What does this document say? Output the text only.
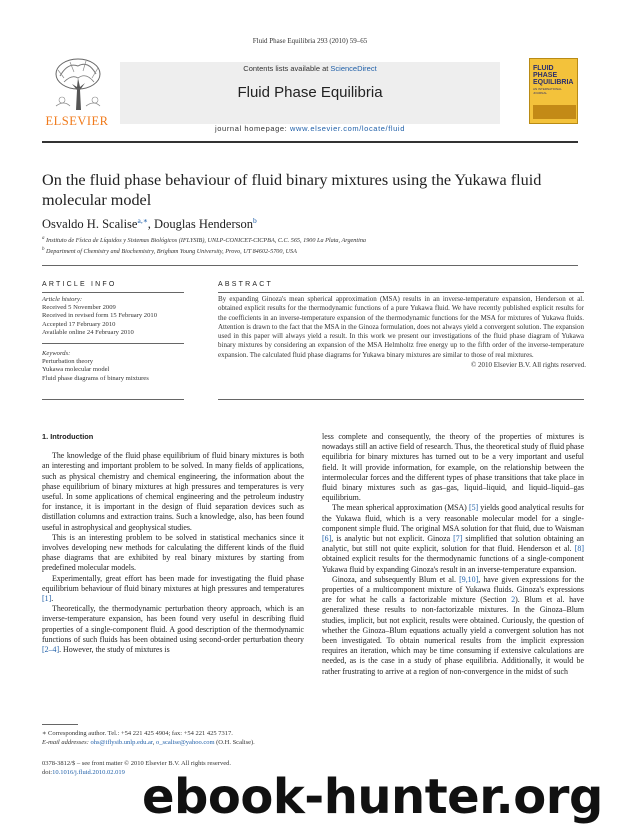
Fluid Phase Equilibria 293 (2010) 59–65
ELSEVIER
Contents lists available at ScienceDirect
Fluid Phase Equilibria
journal homepage: www.elsevier.com/locate/fluid
FLUID PHASE EQUILIBRIA
AN INTERNATIONAL JOURNAL
On the fluid phase behaviour of fluid binary mixtures using the Yukawa fluid molecular model
Osvaldo H. Scalise$^{a,∗}$, Douglas Henderson$^b$
$^a$ Instituto de Física de Líquidos y Sistemas Biológicos (IFLYSIB), UNLP-CONICET-CICPBA, C.C. 565, 1900 La Plata, Argentina
$^b$ Department of Chemistry and Biochemistry, Brigham Young University, Provo, UT 84602-5700, USA
ARTICLE INFO
Article history:
Received 5 November 2009
Received in revised form 15 February 2010
Accepted 17 February 2010
Available online 24 February 2010
Keywords:
Perturbation theory
Yukawa molecular model
Fluid phase diagrams of binary mixtures
ABSTRACT
By expanding Ginoza's mean spherical approximation (MSA) results in an inverse-temperature expansion, Henderson et al. obtained explicit results for the thermodynamic functions of a pure Yukawa fluid. We have recently published explicit results for the coefficients in an inverse-temperature expansion of the thermodynamic functions for the MSA for mixtures of Yukawa fluids. Attention is drawn to the fact that the MSA in the Ginoza formulation, does not always yield a convergent solution. The expansion used in this paper will always yield a result. In this work we present our investigations of the fluid phase diagram of Yukawa binary mixtures by considering an expansion of the MSA Helmholtz free energy up to the fifth order of the inverse-temperature expansion. The calculated fluid phase diagrams for Yukawa binary mixtures are similar to those of real mixtures.
© 2010 Elsevier B.V. All rights reserved.
1. Introduction

The knowledge of the fluid phase equilibrium of fluid binary mixtures is both an interesting and important problem to be solved. In many fields of applications, such as physical chemistry and chemical engineering, the information about the phase equilibrium of binary mixtures at high pressures and temperatures is very useful. In some applications of chemical engineering and the petroleum industry for instance, it is important in the design of fluid separation devices such as distillation columns and extraction trains. Such a knowledge, also, has been found useful in astrophysical and geophysical studies.

This is an interesting problem to be solved in statistical mechanics since it involves developing new methods for calculating the different kinds of the fluid phase diagrams that are exhibited by real binary mixtures by starting from predefined molecular models.

Experimentally, great effort has been made for investigating the fluid phase equilibrium behaviour of fluid binary mixtures at high pressures and temperatures [1].

Theoretically, the thermodynamic perturbation theory approach, which is an inverse-temperature expansion, has been found very useful in describing fluid properties of a single-component fluid. A good description of the thermodynamic functions of such fluids has been obtained using second-order perturbation theory [2–4]. However, the study of mixtures is

less complete and consequently, the theory of the properties of mixtures is nowadays still an active field of research. Thus, the theoretical study of fluid phase equilibria for binary mixtures has turned out to be a very important and useful field. It will provide information, for example, on the relationship between the intermolecular forces and the different types of phase transitions that take place in fluid binary mixtures such as gas–gas, liquid–liquid, and liquid–liquid–gas equilibrium.

The mean spherical approximation (MSA) [5] yields good analytical results for the Yukawa fluid, which is a very reasonable molecular model for a single-component simple fluid. The original MSA solution for that fluid, due to Waisman [6], is analytic but not explicit. Ginoza [7] simplified that solution obtaining an analytic, but still not quite explicit, solution for that fluid. Henderson et al. [8] obtained explicit results for the thermodynamic functions of a single-component Yukawa fluid by expanding Ginoza's result in an inverse-temperature expansion.

Ginoza, and subsequently Blum et al. [9,10], have given expressions for the properties of a multicomponent mixture of Yukawa fluids. Ginoza's expressions are for what he calls a factorizable mixture (Section 2). Blum et al. have generalized these results to non-factorizable mixtures. In the Ginoza–Blum studies, implicit, but not explicit, results were obtained. Curiously, the question of whether the Ginoza–Blum equations actually yield a convergent solution has not been investigated. To obtain numerical results from the implicit expression requires an iteration, which may be time consuming if extensive calculations are needed, as is the case in a study of phase equilibria. Additionally, it would be rather frustrating to arrive at a region of non-convergence in the midst of such

∗ Corresponding author. Tel.: +54 221 425 4904; fax: +54 221 425 7317.
E-mail addresses: ohs@iflysib.unlp.edu.ar, o_scalise@yahoo.com (O.H. Scalise).
0378-3812/$ – see front matter © 2010 Elsevier B.V. All rights reserved.
doi:10.1016/j.fluid.2010.02.019 ebook-hunter.org
